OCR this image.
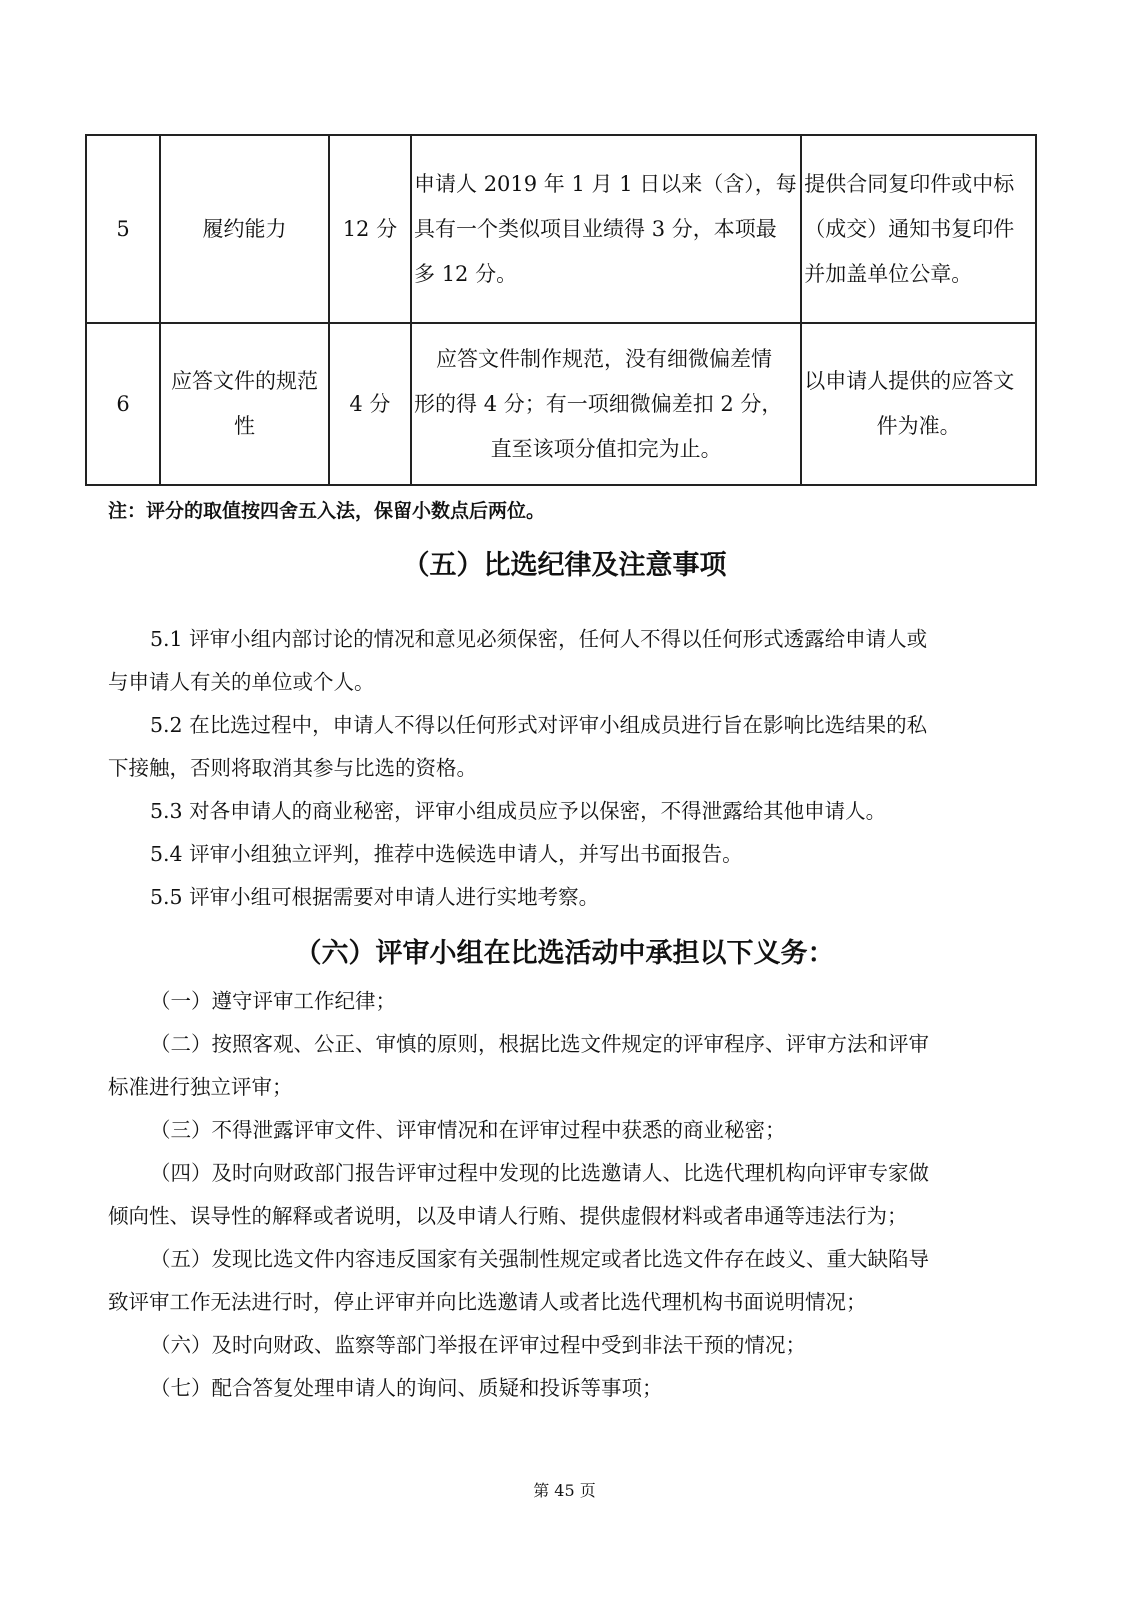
5	履约能力	12 分	申请人 2019 年 1 月 1 日以来（含），每
具有一个类似项目业绩得 3 分，本项最
多 12 分。	提供合同复印件或中标
（成交）通知书复印件
并加盖单位公章。

6	应答文件的规范
性	4 分	应答文件制作规范，没有细微偏差情
形的得 4 分；有一项细微偏差扣 2 分，
直至该项分值扣完为止。	以申请人提供的应答文
件为准。
注：评分的取值按四舍五入法，保留小数点后两位。
（五）比选纪律及注意事项
5.1 评审小组内部讨论的情况和意见必须保密，任何人不得以任何形式透露给申请人或
与申请人有关的单位或个人。
5.2 在比选过程中，申请人不得以任何形式对评审小组成员进行旨在影响比选结果的私
下接触，否则将取消其参与比选的资格。
5.3 对各申请人的商业秘密，评审小组成员应予以保密，不得泄露给其他申请人。
5.4 评审小组独立评判，推荐中选候选申请人，并写出书面报告。
5.5 评审小组可根据需要对申请人进行实地考察。
（六）评审小组在比选活动中承担以下义务：
（一）遵守评审工作纪律；
（二）按照客观、公正、审慎的原则，根据比选文件规定的评审程序、评审方法和评审
标准进行独立评审；
（三）不得泄露评审文件、评审情况和在评审过程中获悉的商业秘密；
（四）及时向财政部门报告评审过程中发现的比选邀请人、比选代理机构向评审专家做
倾向性、误导性的解释或者说明，以及申请人行贿、提供虚假材料或者串通等违法行为；
（五）发现比选文件内容违反国家有关强制性规定或者比选文件存在歧义、重大缺陷导
致评审工作无法进行时，停止评审并向比选邀请人或者比选代理机构书面说明情况；
（六）及时向财政、监察等部门举报在评审过程中受到非法干预的情况；
（七）配合答复处理申请人的询问、质疑和投诉等事项；
第 45 页
